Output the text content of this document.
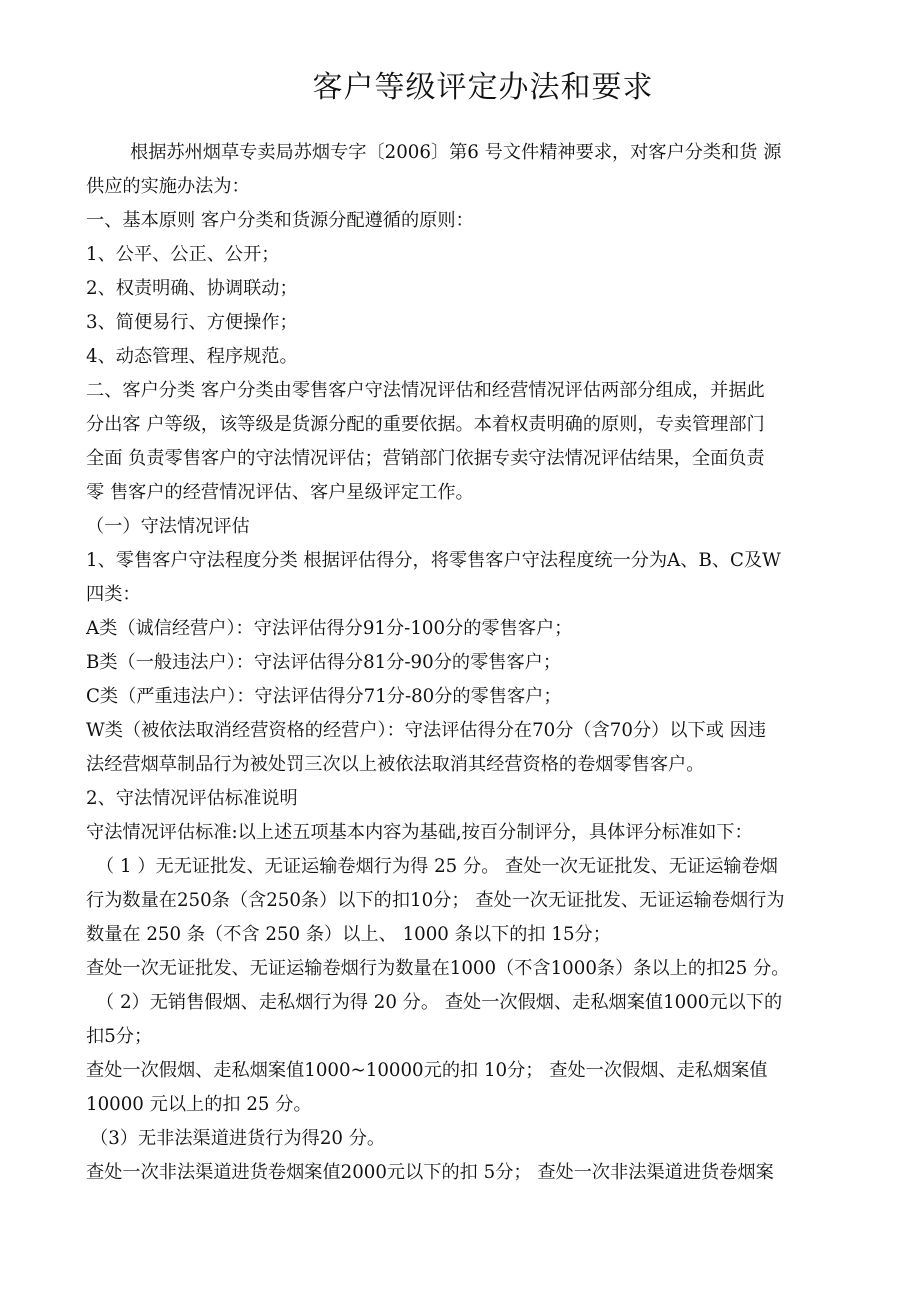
客户等级评定办法和要求

根据苏州烟草专卖局苏烟专字〔2006〕第6 号文件精神要求，对客户分类和货 源

供应的实施办法为：

一、基本原则 客户分类和货源分配遵循的原则：

1、公平、公正、公开；

2、权责明确、协调联动；

3、简便易行、方便操作；

4、动态管理、程序规范。

二、客户分类 客户分类由零售客户守法情况评估和经营情况评估两部分组成，并据此

分出客 户等级，该等级是货源分配的重要依据。本着权责明确的原则，专卖管理部门

全面 负责零售客户的守法情况评估；营销部门依据专卖守法情况评估结果，全面负责

零 售客户的经营情况评估、客户星级评定工作。

（一）守法情况评估

1、零售客户守法程度分类 根据评估得分，将零售客户守法程度统一分为A、B、C及W

四类：

A类（诚信经营户）：守法评估得分91分-100分的零售客户；

B类（一般违法户）：守法评估得分81分-90分的零售客户；

C类（严重违法户）：守法评估得分71分-80分的零售客户；

W类（被依法取消经营资格的经营户）：守法评估得分在70分（含70分）以下或 因违

法经营烟草制品行为被处罚三次以上被依法取消其经营资格的卷烟零售客户。

2、守法情况评估标准说明

守法情况评估标准:以上述五项基本内容为基础,按百分制评分，具体评分标准如下：

（ 1 ）无无证批发、无证运输卷烟行为得 25 分。 查处一次无证批发、无证运输卷烟

行为数量在250条（含250条）以下的扣10分； 查处一次无证批发、无证运输卷烟行为

数量在 250 条（不含 250 条）以上、 1000 条以下的扣 15分；

查处一次无证批发、无证运输卷烟行为数量在1000（不含1000条）条以上的扣25 分。

（ 2）无销售假烟、走私烟行为得 20 分。 查处一次假烟、走私烟案值1000元以下的

扣5分；

查处一次假烟、走私烟案值1000~10000元的扣 10分； 查处一次假烟、走私烟案值

10000 元以上的扣 25 分。

（3）无非法渠道进货行为得20 分。

查处一次非法渠道进货卷烟案值2000元以下的扣 5分； 查处一次非法渠道进货卷烟案
